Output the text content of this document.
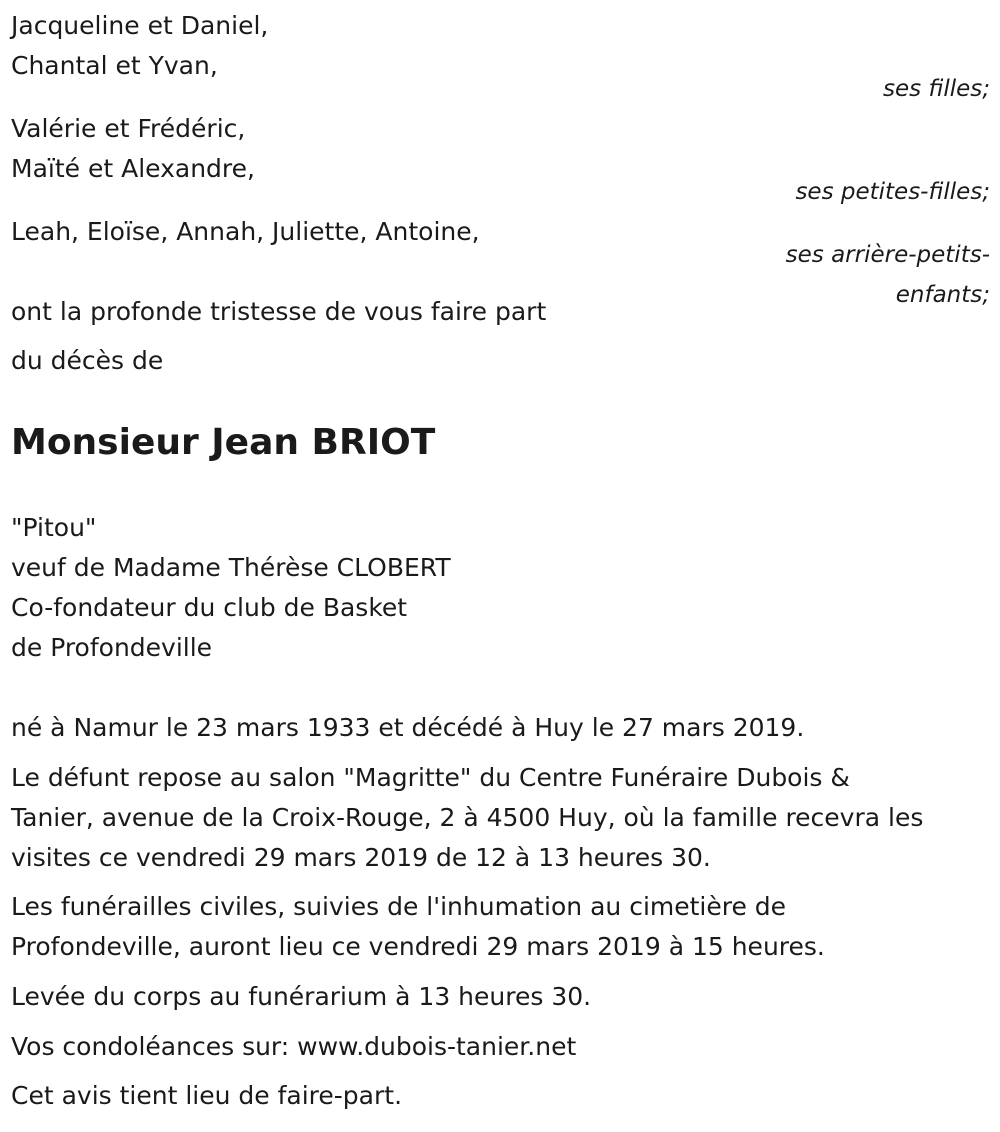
Jacqueline et Daniel,

Chantal et Yvan,

ses filles;

Valérie et Frédéric,

Maïté et Alexandre,

ses petites-filles;

Leah, Eloïse, Annah, Juliette, Antoine,

ses arrière-petits-
enfants;

ont la profonde tristesse de vous faire part

du décès de

Monsieur Jean BRIOT

"Pitou"

veuf de Madame Thérèse CLOBERT

Co-fondateur du club de Basket

de Profondeville

né à Namur le 23 mars 1933 et décédé à Huy le 27 mars 2019.

Le défunt repose au salon "Magritte" du Centre Funéraire Dubois &

Tanier, avenue de la Croix-Rouge, 2 à 4500 Huy, où la famille recevra les

visites ce vendredi 29 mars 2019 de 12 à 13 heures 30.

Les funérailles civiles, suivies de l'inhumation au cimetière de

Profondeville, auront lieu ce vendredi 29 mars 2019 à 15 heures.

Levée du corps au funérarium à 13 heures 30.

Vos condoléances sur: www.dubois-tanier.net

Cet avis tient lieu de faire-part.
